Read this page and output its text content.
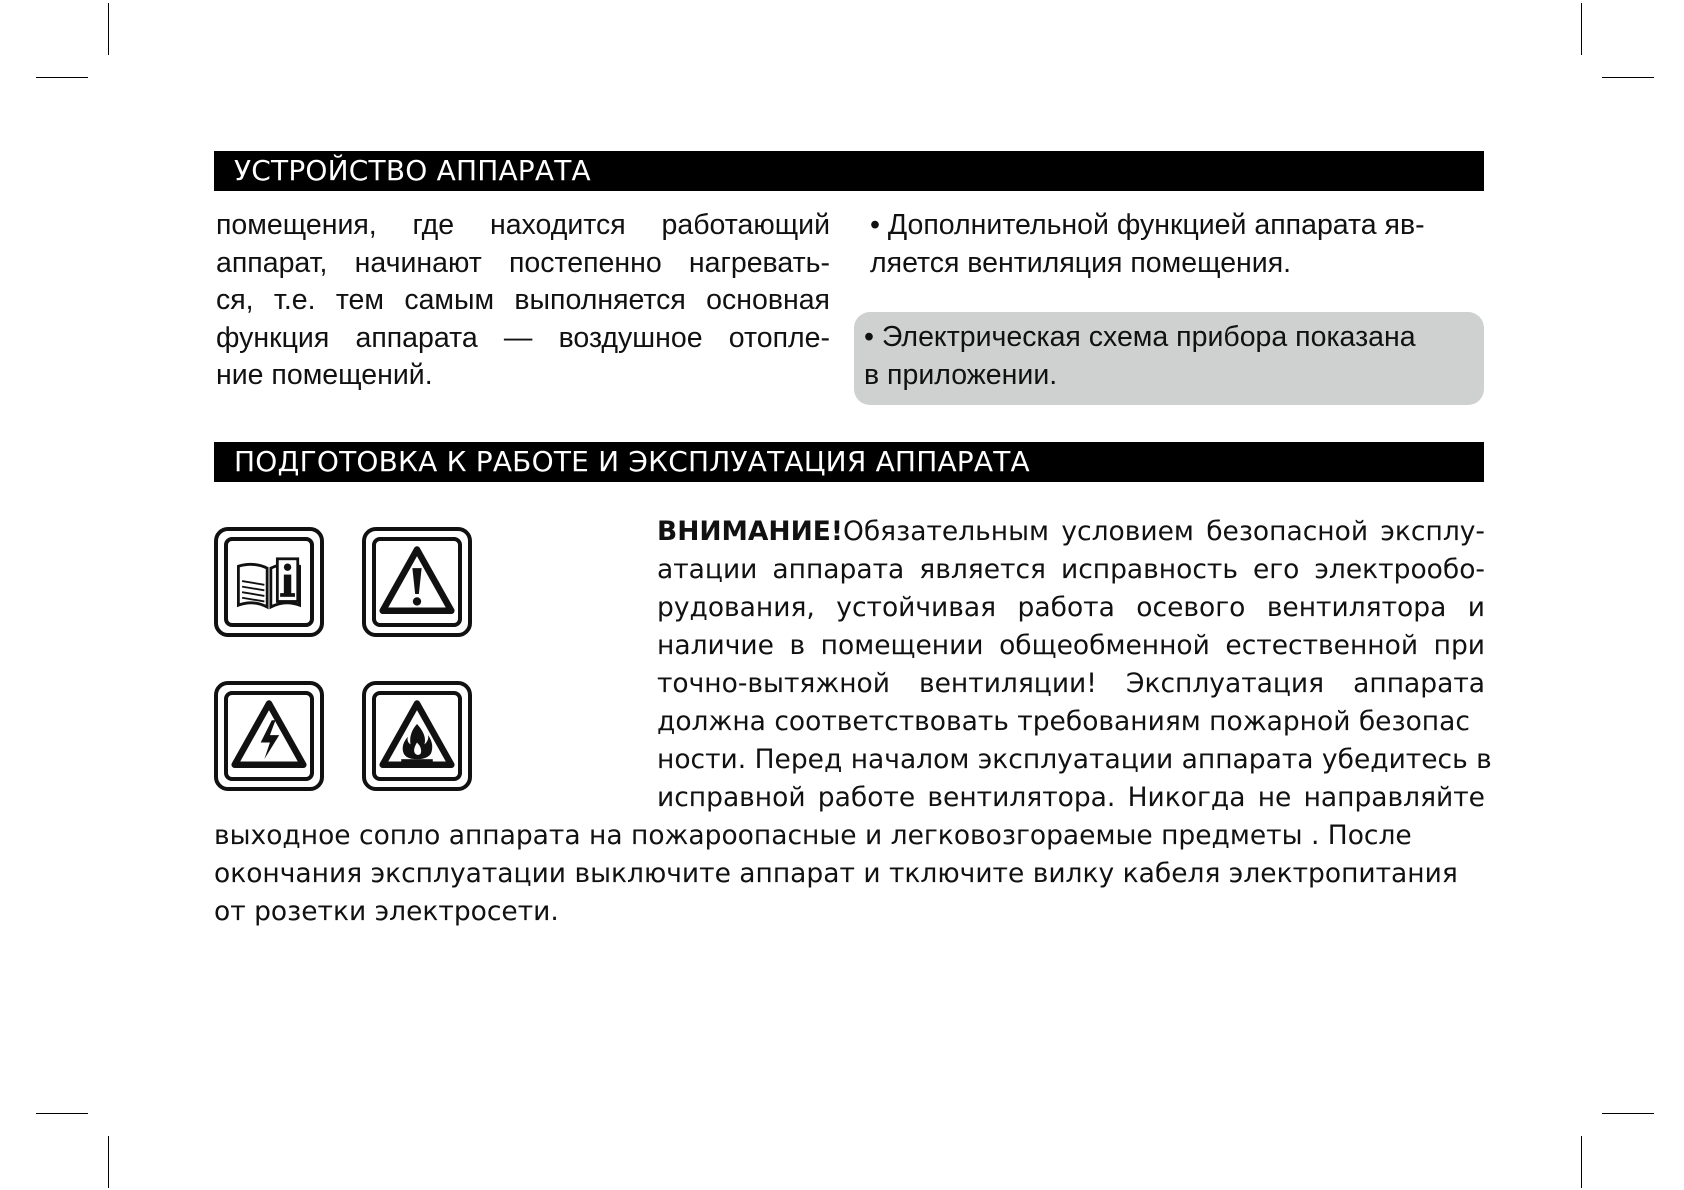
УСТРОЙСТВО АППАРАТА
помещения, где находится работающий
аппарат, начинают постепенно нагревать-
ся, т.е. тем самым выполняется основная
функция аппарата — воздушное отопле-
ние помещений.
• Дополнительной функцией аппарата яв-
ляется вентиляция помещения.
• Электрическая схема прибора показана
в приложении.
ПОДГОТОВКА К РАБОТЕ И ЭКСПЛУАТАЦИЯ АППАРАТА
ВНИМАНИЕ!Обязательным условием безопасной эксплу-
атации аппарата является исправность его электрообо-
рудования, устойчивая работа осевого вентилятора и
наличие в помещении общеобменной естественной при
точно-вытяжной вентиляции! Эксплуатация аппарата
должна соответствовать требованиям пожарной безопас
ности. Перед началом эксплуатации аппарата убедитесь в
исправной работе вентилятора. Никогда не направляйте
выходное сопло аппарата на пожароопасные и легковозгораемые предметы . После
окончания эксплуатации выключите аппарат и тключите вилку кабеля электропитания
от розетки электросети.
